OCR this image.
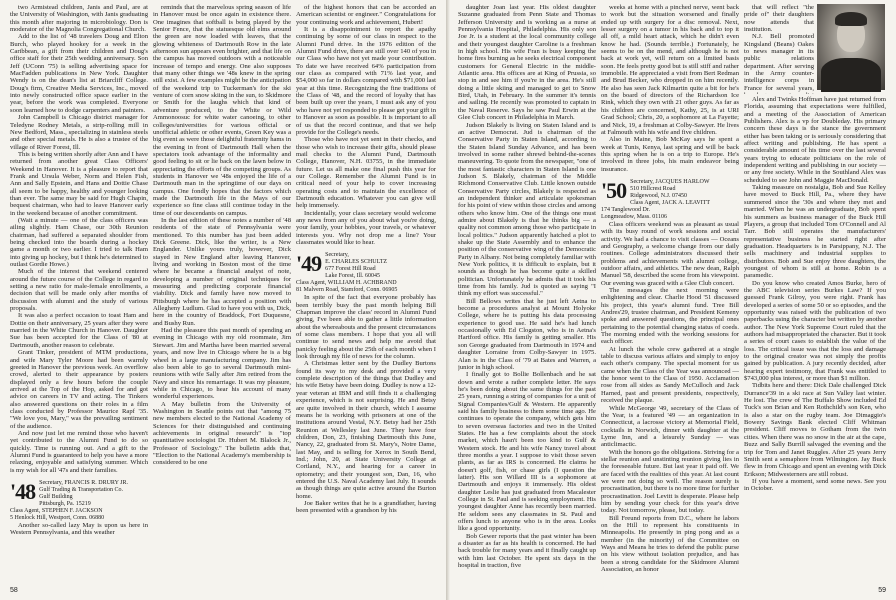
two Armistead children, Janis and Paul, are at the University of Washington, with Janis graduating this month after majoring in microbiology. Don is moderator of the Magnolia Congregational Church.

Add to the list of '48 travelers Doug and Elton Burch, who played hookey for a week in the Caribbean, a gift from their children and Doug's office staff for their 25th wedding anniversary. Son Jeff (UConn '75) is selling advertising space for MacFadden publications in New York. Daughter Wendy is on the dean's list at Briarcliff College. Doug's firm, Creative Media Services, Inc., moved into newly constructed office space earlier in the year, before the work was completed. Everyone soon learned how to dodge carpenters and painters.

John Campbell is Chicago district manager for Teledyne Rodney Metals, a strip-rolling mill in New Bedford, Mass., specializing in stainless steels and other special metals. He is also a trustee of the village of River Forest, Ill.

This is being written shortly after Ann and I have returned from another great Class Officers' Weekend in Hanover. It is a pleasure to report that Frank and Ursula Weber, Norm and Helen Fish, Ann and Sally Epstein, and Hans and Dottie Chase all seem to be happy, healthy and younger looking than ever. The same may be said for Hugh Chapin, bequest chairman, who had to leave Hanover early in the weekend because of another commitment.

(Wait a minute — one of the class officers was ailing slightly. Ham Chase, our 30th Reunion chairman, had suffered a separated shoulder from being checked into the boards during a hockey game a month or two earlier. I tried to talk Ham into giving up hockey, but I think he's determined to outlast Gordie Howe.)

Much of the interest that weekend centered around the future course of the College in regard to setting a new ratio for male-female enrollments, a decision that will be made only after months of discussion with alumni and the study of various proposals.

It was also a perfect occasion to toast Ham and Dottie on their anniversary, 25 years after they were married in the White Church in Hanover. Daughter Sue has been accepted for the Class of '80 at Dartmouth, another reason to celebrate.

Grant Tinker, president of MTM productions, and wife Mary Tyler Moore had been warmly greeted in Hanover the previous week. An overflow crowd, alerted to their appearance by posters displayed only a few hours before the couple arrived at the Top of the Hop, asked for and got advice on careers in TV and acting. The Tinkers also answered questions on their roles in a film class conducted by Professor Maurice Rapf '35. "We love you, Mary," was the prevailing sentiment of the audience.

And now just let me remind those who haven't yet contributed to the Alumni Fund to do so quickly. Time is running out. And a gift to the Alumni Fund is guaranteed to help you have a more relaxing, enjoyable and satisfying summer. Which is my wish for all '47s and their families.

'48 Secretary, FRANCIS R. DRURY JR.
Gulf Trading & Transportation Co.
Gulf Building
Pittsburgh, Pa. 15219
Class Agent, STEPHEN F. JACKSON
5 Henlock Hill, Westport, Conn. 06880

Another so-called lazy May is upon us here in Western Pennsylvania, and this weather

reminds that the marvelous spring season of life in Hanover must be once again in existence there. One imagines that softball is being played by the Senior Fence, that the statuesque old elms around the green are now loaded with leaves, that the glowing whiteness of Dartmouth Row in the late afternoon sun appears even brighter, and that life on the campus has moved outdoors with a noticeable increase of tempo and energy. One also supposes that many other things we '48s knew in the spring still exist. A few examples might be the anticipation of the weekend trip to Tuckerman's for the ski venture of corn snow skiing in the sun, to Skidmore or Smith for the laughs which that kind of adventure produced, to the White or Wild Ammonoosuc for white water canoeing, to other colleges/universities for various official or unofficial athletic or other events, Green Key was a big event as were those delightful fraternity hams in the evening in front of Dartmouth Hall when the spectators took advantage of the informality and good feeling to sit or lie back on the lawn below in appreciating the efforts of the competing groups. As students in Hanover we '48s enjoyed the life of a Dartmouth man in the springtime of our days on campus. One fondly hopes that the factors which made the Dartmouth life in the Mays of our experience so fine class still continue today in the time of our descendants on campus.

In the last edition of these notes a number of '48 residents of the state of Pennsylvania were mentioned. To this number has just been added Dick Greene. Dick, like the writer, is a New Englander. Unlike yours truly, however, Dick stayed in New England after leaving Hanover, living and working in Boston most of the time where he became a financial analyst of note, developing a number of original techniques for measuring and predicting corporate financial viability. Dick and family have now moved to Pittsburgh where he has accepted a position with Allegheny Ludlum. Glad to have you with us, Dick, here in the country of Braddock, Fort Duquesne, and Bushy Run.

Had the pleasure this past month of spending an evening in Chicago with my old roommate, Jim Stewart. Jim and Martha have been married several years, and now live in Chicago where he is a big wheel in a large manufacturing company. Jim has also been able to go to several Dartmouth mini-reunions with wife Sally after Jim retired from the Navy and since his remarriage. It was my pleasure, while in Chicago, to hear his account of many wonderful experiences.

A May bulletin from the University of Washington in Seattle points out that "among 75 new members elected to the National Academy of Sciences for their distinguished and continuing achievements in original research" is "top quantitative sociologist Dr. Hubert M. Blalock Jr., Professor of Sociology." The bulletin adds that, "Election to the National Academy's membership is considered to be one

of the highest honors that can be accorded an American scientist or engineer." Congratulations for your continuing work and achievement, Hubert!

It is a disappointment to report the apathy continuing by some of our class in respect to the Alumni Fund drive. In the 1976 edition of the Alumni Fund drive, there are still over 140 of you in our Class who have not yet made your contribution. To date we have received 64% participation from our class as compared with 71% last year, and $54,000 so far in dollars compared with $71,000 last year at this time. Recognizing the fine traditions of the Class of '48, and the record of loyalty that has been built up over the years, I must ask any of you who have not yet responded to please get your gift in to Hanover as soon as possible. It is important to all of us that the record continue, and that we help provide for the College's needs.

Those who have not yet sent in their checks, and those who wish to increase their gifts, should please mail checks to the Alumni Fund, Dartmouth College, Hanover, N.H. 03755, in the immediate future. Let us all make one final push this year for our College. Remember the Alumni Fund is in critical need of your help to cover increasing operating costs and to maintain the excellence of Dartmouth education. Whatever you can give will help immensely.

Incidentally, your class secretary would welcome any news from any of you about what you're doing, your family, your hobbies, your travels, or whatever interests you. Why not drop me a line? Your classmates would like to hear.

'49 Secretary,
E. CHARLES SCHULTZ
677 Forest Hill Road
Lake Forest, Ill. 60045
Class Agent, WILLIAM H. ACHBRAND
81 Malvern Road, Stamford, Conn. 06905

In spite of the fact that everyone probably has been terribly busy the past month helping Bill Chapman improve the class' record in Alumni Fund giving, I've been able to gather a little information about the whereabouts and the present circumstances of some class members. I hope that you all will continue to send news and help me avoid that panicky feeling about the 25th of each month when I look through my file of news for the column.

A Christmas letter sent by the Dudley Burtons found its way to my desk and provided a very complete description of the things that Dudley and his wife Betsy have been doing. Dudley is now a 12-year veteran at IBM and still finds it a challenging experience, which is not surprising. He and Betsy are quite involved in their church, which I assume means he is working with prisoners at one of the institutions around Vestal, N.Y. Betsy had her 25th Reunion at Wellesley last June. They have four children, Don, 23, finishing Dartmouth this June, Nancy, 22, graduated from St. Mary's, Notre Dame, last May, and is selling for Xerox in South Bend, Ind.; John, 20, at State University College at Cortland, N.Y., and hearing for a career in optometry; and their youngest son, Dan, 16, who entered the U.S. Naval Academy last July. It sounds as though things are quite active around the Burton home.

Joe Baker writes that he is a grandfather, having been presented with a grandson by his

58

daughter Joan last year. His oldest daughter Suzanne graduated from Penn State and Thomas Jefferson University and is working as a nurse at Pennsylvania Hospital, Philadelphia. His only son Joe Jr. is a student at the local community college and their youngest daughter Caroline is a freshman in high school. His wife Fran is busy keeping the home fires burning as he seeks electrical component customers for General Electric in the middle-Atlantic area. His offices are at King of Prussia, so stop in and see him if you're in the area. He's still doing a little skiing and managed to get to Snow Bird, Utah, in February. In the summer it's tennis and sailing. He recently was promoted to captain in the Naval Reserve. Says he saw Paul Erwin at the Glee Club concert in Philadelphia in March.

Judson Blakely is living on Staten Island and is an active Democrat. Jud is chairman of the Conservative Party in Staten Island, according to the Staten Island Sunday Advance, and has been involved in some rather shrewd behind-the-scenes maneuvering. To quote from the newspaper, "one of the most fantastic characters in Staten Island is one Judson S. Blakely, chairman of the Middle Richmond Conservative Club. Little known outside Conservative Party circles, Blakely is respected as an independent thinker and articulate spokesman for his point of view within those circles and among others who know him. One of the things one must admire about Blakely is that he thinks big — a quality not common among those who participate in local politics." Judson apparently hatched a plot to shake up the State Assembly and to enhance the position of the conservative wing of the Democratic Party in Albany. Not being completely familiar with New York politics, it is difficult to explain, but it sounds as though he has become quite a skilled politician. Unfortunately he admits that it took his time from his family. Jud is quoted as saying "I think my effort was successful."

Bill Bellows writes that he just left Aetna to become a procedures analyst at Mount Holyoke College, where he is putting his data processing experience to good use. He said he's had lunch occasionally with Ed Clogston, who is in Aetna's Hartford office. His family is getting smaller. His son George graduated from Dartmouth in 1974 and daughter Lorraine from Colby-Sawyer in 1975. Alan is in the Class of '79 at Bates and Warren, a junior in high school.

I finally got to Bollie Bollenbach and he sat down and wrote a rather complete letter. He says he's been doing about the same things for the past 25 years, running a string of companies for a unit of Signal Companies/Gulf & Western. He apparently said his family business to them some time ago. He continues to operate the company, which gets him to seven overseas factories and two in the United States. He has a few complaints about the stock market, which hasn't been too kind to Gulf & Western stock. He and his wife Nancy travel about three months a year. I suppose to visit those seven plants, as far as IRS is concerned. He claims he doesn't golf, fish, or chase girls (I question the latter). His son Willard III is a sophomore at Dartmouth and enjoys it immensely. His oldest daughter Leslie has just graduated from Macalester College in St. Paul and is seeking employment. His youngest daughter Anne has recently been married. He seldom sees any classmates in St. Paul and offers lunch to anyone who is in the area. Looks like a good opportunity.

Bob Gewer reports that the past winter has been a disaster as far as his health is concerned. He had back trouble for many years and it finally caught up with him last October. He spent six days in the hospital in traction, five

weeks at home with a pinched nerve, went back to work but the situation worsened and finally ended up with surgery for a disc removal. Next, lesser surgery on a tumor in his back and to top it all off, a mild heart attack, which he didn't even know he had. (Sounds terrible.) Fortunately, he seems to be on the mend, and although he is not back at work yet, will return on a limited basis soon. He feels pretty good but is still stiff and rather immobile. He appreciated a visit from Bert Redman and Brud Becker, who dropped in on him recently. He also has seen Jack Kilmartin quite a bit for he's on the board of directors of the Richardson Ice Rink, which they own with 21 other guys. As far as his children are concerned, Kathy, 25, is at URI Grad School; Chris, 20, a sophomore at La Fayette; and Nick, 19, a freshman at Colby-Sawyer. He lives at Falmouth with his wife and five children.

Also in Maine, Bob McKay says he spent a week at Tunis, Kenya, last spring and will be back this spring when he is on a trip to Europe. He's involved in three jobs, his main endeavor being insurance.

'50 Secretary, JACQUES HARLOW
510 Hillcrest Road
Ridgewood, N.J. 07450
Class Agent, JACK A. LEAVITT
174 Tanglewood Dr.
Longmeadow, Mass. 01106

Class officers weekend was as pleasant as usual with its busy round of work sessions and social activity. We had a chance to visit classes — Oceans and Geography, a welcome change from our daily routines. College administrators discussed their problems and achievements with alumni college, outdoor affairs, and athletics. The new dean, Ralph Manuel '58, described the scene from his viewpoint. Our evening was graced with a Glee Club concert.

The messages the next morning were enlightening and clear. Charlie Hood '51 discussed his project, this year's alumni fund. Tree Bill Andres'29, trustee chairman, and President Kemeny spoke and answered questions, the principal ones pertaining to the potential changing status of coeds. The morning ended with the working sessions for each officer.

At lunch the whole crew gathered at a single table to discuss various affairs and simply to enjoy each other's company. The special moment for us came when the Class of the Year was announced — the honor went to the Class of 1950. Acclamation rose from all sides as Sandy McCulloch and Jack Harned, past and present presidents, respectively, received the plaque.

While McGeorge '49, secretary of the Class of the Year, is a featured '49 — an organization in Connecticut, a lacrosse victory at Memorial Field, cocktails in Norwich, dinner with daughter at the Lyme Inn, and a leisurely Sunday — was anticlimactic.

With the honors go the obligations. Striving for a stellar reunion and unstinting reunion giving lies in the foreseeable future. But last year it paid off. We are faced with the realities of this year. At last count we were not doing so well. The reason surely is procrastination, but there is no more time for further procrastination. Joel Levitt is desperate. Please help him by sending your check for this year's drive today. Not tomorrow, please, but today.

Bill Freund reports from D.C., where he labors on the Hill to represent his constituents in Minneapolis. He presently in ping pong and as a member (in the minority) of the Committee on Ways and Means he tries to defend the public purse on his view without isolation prejudice, and has been a strong candidate for the Skidmore Alumni Association, an honor

that will reflect "the pride of" their daughters now attends that institution.

N.J. Bell promoted Kingsland (Beans) Oakes to news manager in its public relations department. After serving in the Army counter-intelligence corps in France for several years,

Alex and Twinks Hoffman have just returned from Florida, assuming that expectations were fulfilled, and a meeting of the Association of American Publishers. Alex is a vp for Doubleday. His primary concern these days is the stance the government either has been taking or is seriously considering that affect writing and publishing. He has spent a considerable amount of his time over the last several years trying to educate politicians on the role of independent writing and publishing in our society — or any free society. While in the Southland Alex was scheduled to see John and Maggie MacDonald.

Taking measure on nostalgia, Bob and Sue Kelley have moved to Buck Hill, Pa., where they have summered since the '30s and where they met and married. When he was an undergraduate, Bob spent his summers as business manager of the Buck Hill Players, a group that included Tom O'Connell and Al Tarr. Bob still operates the manufacturers' representative business he started right after graduation. Headquarters is in Parsippany, N.J. The sells machinery and industrial supplies to distributors. Bob and Sue enjoy three daughters, the youngest of whom is still at home. Robin is a paramedic.

Do you know who created Amos Burke, hero of the ABC television series Burkes Law? If you guessed Frank Gilroy, you were right. Frank has developed a series of some 50 or so episodes, and the opportunity was raised with the publication of two paperbacks using the character but written by another author. The New York Supreme Court ruled that the authors had misappropriated the character. But it took a series of court cases to establish the value of the loss. The critical issue was that the loss and damage to the original creator was not simply the profits gained by publication. A jury recently decided, after hearing expert testimony, that Frank was entitled to $743,000 plus interest, or more than $1 million.

Tidbits here and there: Dick Dale challenged Dick Durrance'39 in a ski race at Sun Valley last winter. He lost. The crew of The Buffalo Show included Ed Tuck's son Brian and Ken Rothchild's son Ken, who is also a star on the rugby team. Joe Dimaggio's Bowery Savings Bank elected Cliff Whitman president. Cliff moves to Gotham from the twin cities. When there was no snow in the air at the cape, Buzz and Sally Burrill salvaged the evening and the trip for Tom and Janet Ruggles. After 25 years Jerry Smith sent a semaphore from Wilmington. Jay Buck flew in from Chicago and spent an evening with Dick Erikson; Midwesterners are still robust.

If you have a moment, send some news. See you in October.

59
